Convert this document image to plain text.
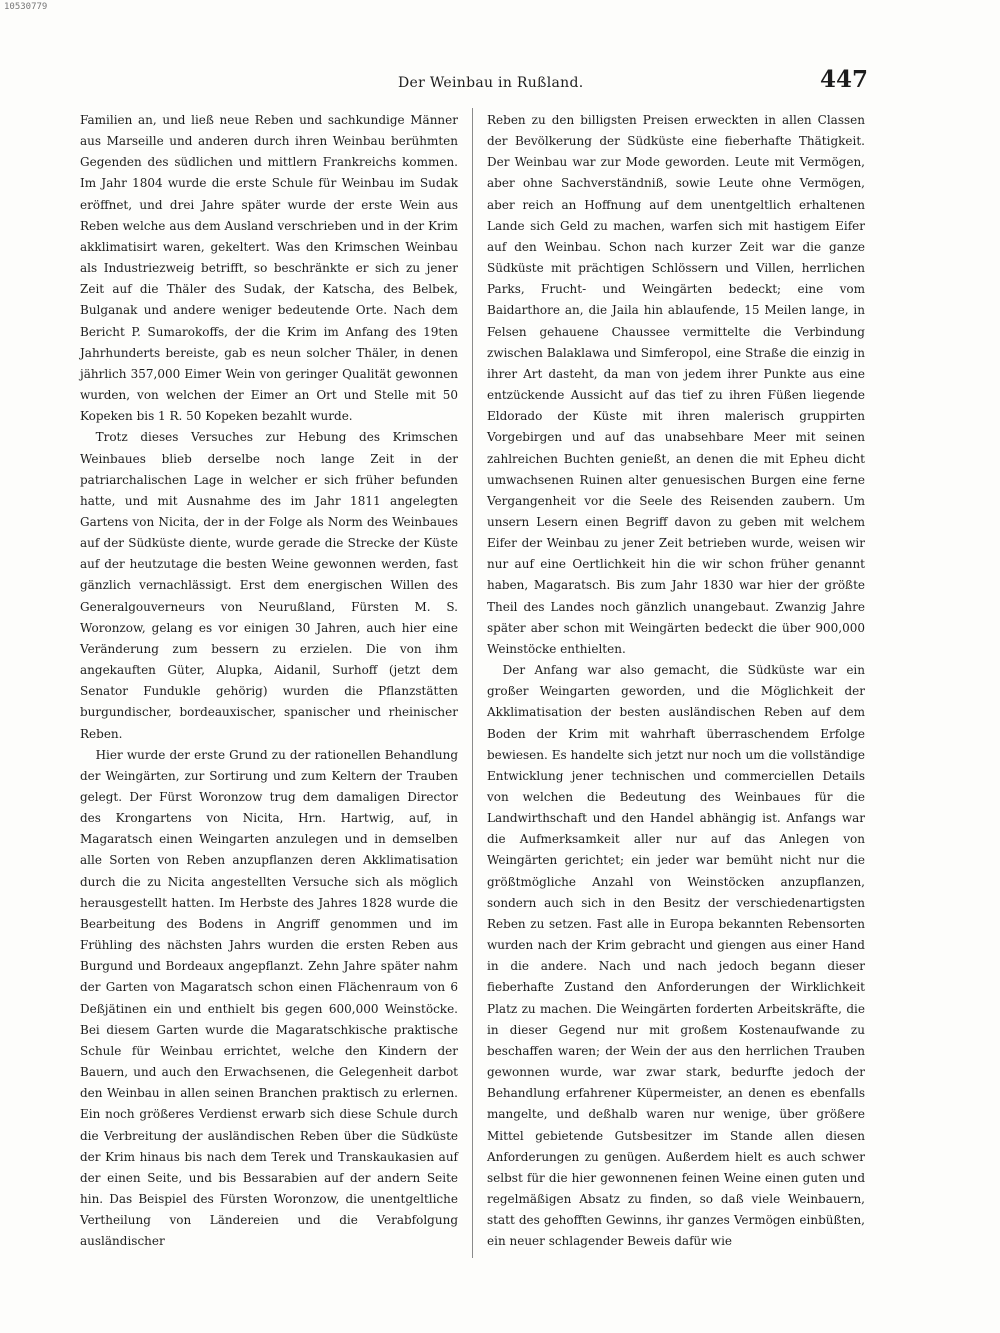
10530779
Der Weinbau in Rußland.	447

Familien an, und ließ neue Reben und sachkundige Männer aus Marseille und anderen durch ihren Weinbau berühmten Gegenden des südlichen und mittlern Frankreichs kommen. Im Jahr 1804 wurde die erste Schule für Weinbau im Sudak eröffnet, und drei Jahre später wurde der erste Wein aus Reben welche aus dem Ausland verschrieben und in der Krim akklimatisirt waren, gekeltert. Was den Krimschen Weinbau als Industriezweig betrifft, so beschränkte er sich zu jener Zeit auf die Thäler des Sudak, der Katscha, des Belbek, Bulganak und andere weniger bedeutende Orte. Nach dem Bericht P. Sumarokoffs, der die Krim im Anfang des 19ten Jahrhunderts bereiste, gab es neun solcher Thäler, in denen jährlich 357,000 Eimer Wein von geringer Qualität gewonnen wurden, von welchen der Eimer an Ort und Stelle mit 50 Kopeken bis 1 R. 50 Kopeken bezahlt wurde.

Trotz dieses Versuches zur Hebung des Krimschen Weinbaues blieb derselbe noch lange Zeit in der patriarchalischen Lage in welcher er sich früher befunden hatte, und mit Ausnahme des im Jahr 1811 angelegten Gartens von Nicita, der in der Folge als Norm des Weinbaues auf der Südküste diente, wurde gerade die Strecke der Küste auf der heutzutage die besten Weine gewonnen werden, fast gänzlich vernachlässigt. Erst dem energischen Willen des Generalgouverneurs von Neurußland, Fürsten M. S. Woronzow, gelang es vor einigen 30 Jahren, auch hier eine Veränderung zum bessern zu erzielen. Die von ihm angekauften Güter, Alupka, Aidanil, Surhoff (jetzt dem Senator Fundukle gehörig) wurden die Pflanzstätten burgundischer, bordeauxischer, spanischer und rheinischer Reben.

Hier wurde der erste Grund zu der rationellen Behandlung der Weingärten, zur Sortirung und zum Keltern der Trauben gelegt. Der Fürst Woronzow trug dem damaligen Director des Krongartens von Nicita, Hrn. Hartwig, auf, in Magaratsch einen Weingarten anzulegen und in demselben alle Sorten von Reben anzupflanzen deren Akklimatisation durch die zu Nicita angestellten Versuche sich als möglich herausgestellt hatten. Im Herbste des Jahres 1828 wurde die Bearbeitung des Bodens in Angriff genommen und im Frühling des nächsten Jahrs wurden die ersten Reben aus Burgund und Bordeaux angepflanzt. Zehn Jahre später nahm der Garten von Magaratsch schon einen Flächenraum von 6 Deßjätinen ein und enthielt bis gegen 600,000 Weinstöcke. Bei diesem Garten wurde die Magaratschkische praktische Schule für Weinbau errichtet, welche den Kindern der Bauern, und auch den Erwachsenen, die Gelegenheit darbot den Weinbau in allen seinen Branchen praktisch zu erlernen. Ein noch größeres Verdienst erwarb sich diese Schule durch die Verbreitung der ausländischen Reben über die Südküste der Krim hinaus bis nach dem Terek und Transkaukasien auf der einen Seite, und bis Bessarabien auf der andern Seite hin. Das Beispiel des Fürsten Woronzow, die unentgeltliche Vertheilung von Ländereien und die Verabfolgung ausländischer

Reben zu den billigsten Preisen erweckten in allen Classen der Bevölkerung der Südküste eine fieberhafte Thätigkeit. Der Weinbau war zur Mode geworden. Leute mit Vermögen, aber ohne Sachverständniß, sowie Leute ohne Vermögen, aber reich an Hoffnung auf dem unentgeltlich erhaltenen Lande sich Geld zu machen, warfen sich mit hastigem Eifer auf den Weinbau. Schon nach kurzer Zeit war die ganze Südküste mit prächtigen Schlössern und Villen, herrlichen Parks, Frucht- und Weingärten bedeckt; eine vom Baidarthore an, die Jaila hin ablaufende, 15 Meilen lange, in Felsen gehauene Chaussee vermittelte die Verbindung zwischen Balaklawa und Simferopol, eine Straße die einzig in ihrer Art dasteht, da man von jedem ihrer Punkte aus eine entzückende Aussicht auf das tief zu ihren Füßen liegende Eldorado der Küste mit ihren malerisch gruppirten Vorgebirgen und auf das unabsehbare Meer mit seinen zahlreichen Buchten genießt, an denen die mit Epheu dicht umwachsenen Ruinen alter genuesischen Burgen eine ferne Vergangenheit vor die Seele des Reisenden zaubern. Um unsern Lesern einen Begriff davon zu geben mit welchem Eifer der Weinbau zu jener Zeit betrieben wurde, weisen wir nur auf eine Oertlichkeit hin die wir schon früher genannt haben, Magaratsch. Bis zum Jahr 1830 war hier der größte Theil des Landes noch gänzlich unangebaut. Zwanzig Jahre später aber schon mit Weingärten bedeckt die über 900,000 Weinstöcke enthielten.

Der Anfang war also gemacht, die Südküste war ein großer Weingarten geworden, und die Möglichkeit der Akklimatisation der besten ausländischen Reben auf dem Boden der Krim mit wahrhaft überraschendem Erfolge bewiesen. Es handelte sich jetzt nur noch um die vollständige Entwicklung jener technischen und commerciellen Details von welchen die Bedeutung des Weinbaues für die Landwirthschaft und den Handel abhängig ist. Anfangs war die Aufmerksamkeit aller nur auf das Anlegen von Weingärten gerichtet; ein jeder war bemüht nicht nur die größtmögliche Anzahl von Weinstöcken anzupflanzen, sondern auch sich in den Besitz der verschiedenartigsten Reben zu setzen. Fast alle in Europa bekannten Rebensorten wurden nach der Krim gebracht und giengen aus einer Hand in die andere. Nach und nach jedoch begann dieser fieberhafte Zustand den Anforderungen der Wirklichkeit Platz zu machen. Die Weingärten forderten Arbeitskräfte, die in dieser Gegend nur mit großem Kostenaufwande zu beschaffen waren; der Wein der aus den herrlichen Trauben gewonnen wurde, war zwar stark, bedurfte jedoch der Behandlung erfahrener Küpermeister, an denen es ebenfalls mangelte, und deßhalb waren nur wenige, über größere Mittel gebietende Gutsbesitzer im Stande allen diesen Anforderungen zu genügen. Außerdem hielt es auch schwer selbst für die hier gewonnenen feinen Weine einen guten und regelmäßigen Absatz zu finden, so daß viele Weinbauern, statt des gehofften Gewinns, ihr ganzes Vermögen einbüßten, ein neuer schlagender Beweis dafür wie
